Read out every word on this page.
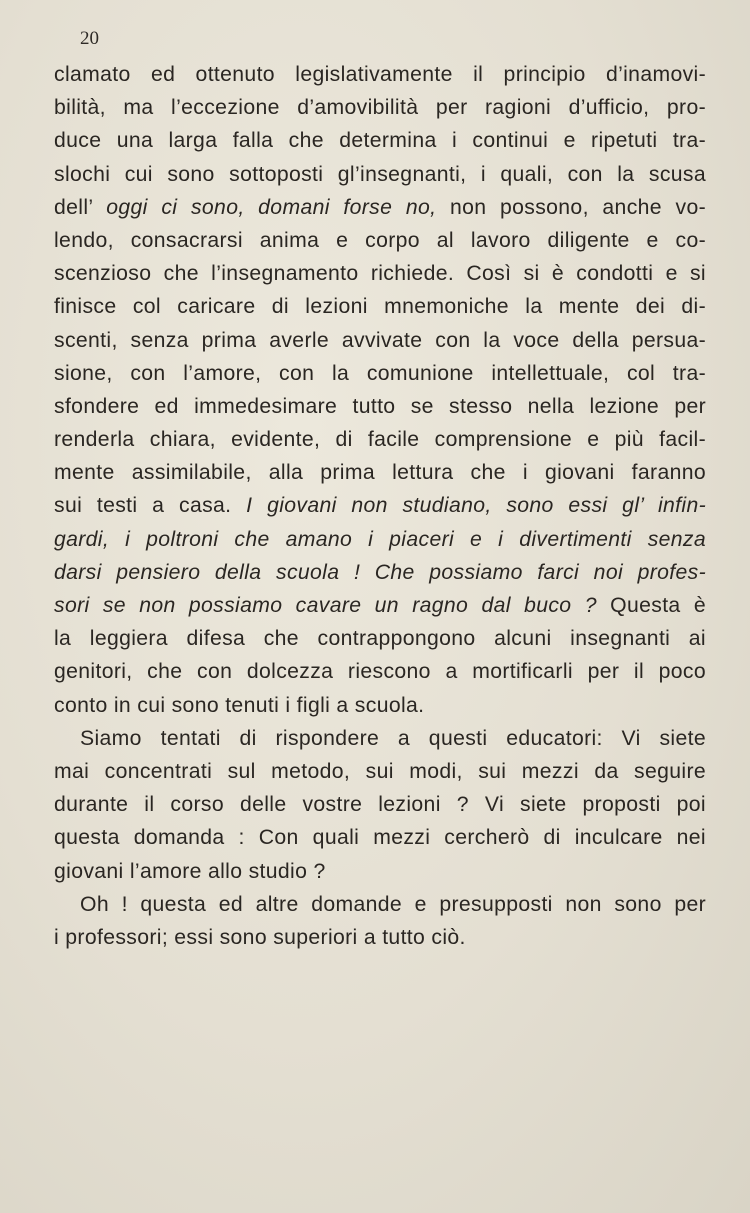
20
clamato ed ottenuto legislativamente il principio d’inamovi-
bilità, ma l’eccezione d’amovibilità per ragioni d’ufficio, pro-
duce una larga falla che determina i continui e ripetuti tra-
slochi cui sono sottoposti gl’insegnanti, i quali, con la scusa
dell’ oggi ci sono, domani forse no, non possono, anche vo-
lendo, consacrarsi anima e corpo al lavoro diligente e co-
scenzioso che l’insegnamento richiede. Così si è condotti e si
finisce col caricare di lezioni mnemoniche la mente dei di-
scenti, senza prima averle avvivate con la voce della persua-
sione, con l’amore, con la comunione intellettuale, col tra-
sfondere ed immedesimare tutto se stesso nella lezione per
renderla chiara, evidente, di facile comprensione e più facil-
mente assimilabile, alla prima lettura che i giovani faranno
sui testi a casa. I giovani non studiano, sono essi gl’ infin-
gardi, i poltroni che amano i piaceri e i divertimenti senza
darsi pensiero della scuola ! Che possiamo farci noi profes-
sori se non possiamo cavare un ragno dal buco ? Questa è
la leggiera difesa che contrappongono alcuni insegnanti ai
genitori, che con dolcezza riescono a mortificarli per il poco
conto in cui sono tenuti i figli a scuola.
Siamo tentati di rispondere a questi educatori: Vi siete
mai concentrati sul metodo, sui modi, sui mezzi da seguire
durante il corso delle vostre lezioni ? Vi siete proposti poi
questa domanda : Con quali mezzi cercherò di inculcare nei
giovani l’amore allo studio ?
Oh ! questa ed altre domande e presupposti non sono per
i professori; essi sono superiori a tutto ciò.
